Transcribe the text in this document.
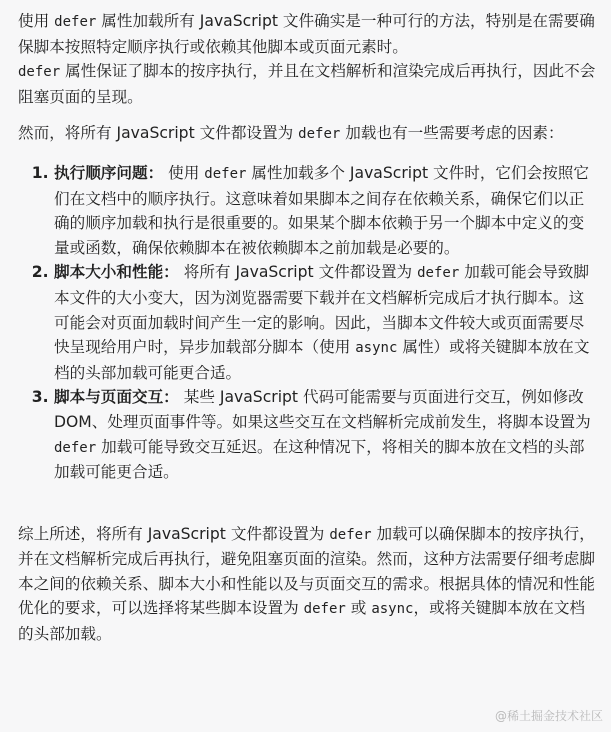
使用 defer 属性加载所有 JavaScript 文件确实是一种可行的方法，特别是在需要确保脚本按照特定顺序执行或依赖其他脚本或页面元素时。
defer 属性保证了脚本的按序执行，并且在文档解析和渲染完成后再执行，因此不会阻塞页面的呈现。

然而，将所有 JavaScript 文件都设置为 defer 加载也有一些需要考虑的因素：

1. 执行顺序问题： 使用 defer 属性加载多个 JavaScript 文件时，它们会按照它们在文档中的顺序执行。这意味着如果脚本之间存在依赖关系，确保它们以正确的顺序加载和执行是很重要的。如果某个脚本依赖于另一个脚本中定义的变量或函数，确保依赖脚本在被依赖脚本之前加载是必要的。
2. 脚本大小和性能： 将所有 JavaScript 文件都设置为 defer 加载可能会导致脚本文件的大小变大，因为浏览器需要下载并在文档解析完成后才执行脚本。这可能会对页面加载时间产生一定的影响。因此，当脚本文件较大或页面需要尽快呈现给用户时，异步加载部分脚本（使用 async 属性）或将关键脚本放在文档的头部加载可能更合适。
3. 脚本与页面交互： 某些 JavaScript 代码可能需要与页面进行交互，例如修改 DOM、处理页面事件等。如果这些交互在文档解析完成前发生，将脚本设置为 defer 加载可能导致交互延迟。在这种情况下，将相关的脚本放在文档的头部加载可能更合适。

综上所述，将所有 JavaScript 文件都设置为 defer 加载可以确保脚本的按序执行，并在文档解析完成后再执行，避免阻塞页面的渲染。然而，这种方法需要仔细考虑脚本之间的依赖关系、脚本大小和性能以及与页面交互的需求。根据具体的情况和性能优化的要求，可以选择将某些脚本设置为 defer 或 async，或将关键脚本放在文档的头部加载。

@稀土掘金技术社区
